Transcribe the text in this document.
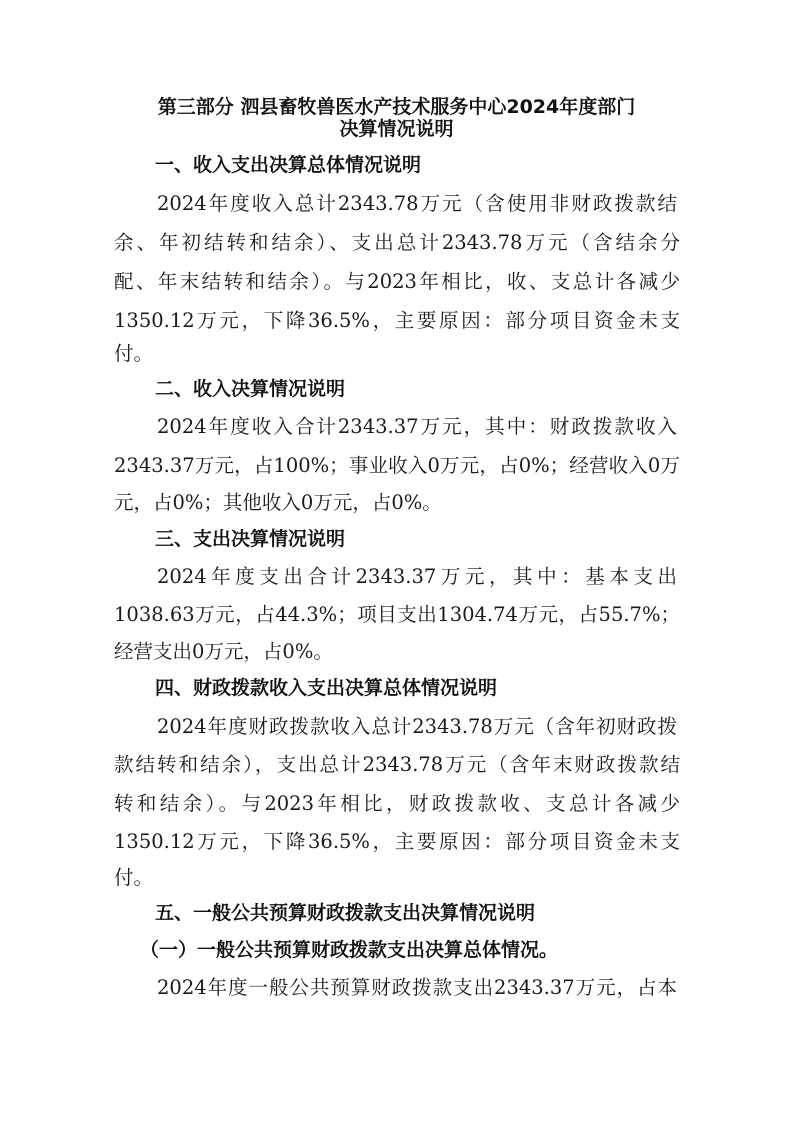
第三部分 泗县畜牧兽医水产技术服务中心2024年度部门
决算情况说明
一、收入支出决算总体情况说明
2024年度收入总计2343.78万元（含使用非财政拨款结
余、年初结转和结余）、支出总计2343.78万元（含结余分
配、年末结转和结余）。与2023年相比，收、支总计各减少
1350.12万元，下降36.5%，主要原因：部分项目资金未支
付。
二、收入决算情况说明
2024年度收入合计2343.37万元，其中：财政拨款收入
2343.37万元，占100%；事业收入0万元，占0%；经营收入0万
元，占0%；其他收入0万元，占0%。
三、支出决算情况说明
2024年度支出合计2343.37万元，其中：基本支出
1038.63万元，占44.3%；项目支出1304.74万元，占55.7%；
经营支出0万元，占0%。
四、财政拨款收入支出决算总体情况说明
2024年度财政拨款收入总计2343.78万元（含年初财政拨
款结转和结余），支出总计2343.78万元（含年末财政拨款结
转和结余）。与2023年相比，财政拨款收、支总计各减少
1350.12万元，下降36.5%，主要原因：部分项目资金未支
付。
五、一般公共预算财政拨款支出决算情况说明
（一）一般公共预算财政拨款支出决算总体情况。
2024年度一般公共预算财政拨款支出2343.37万元，占本
